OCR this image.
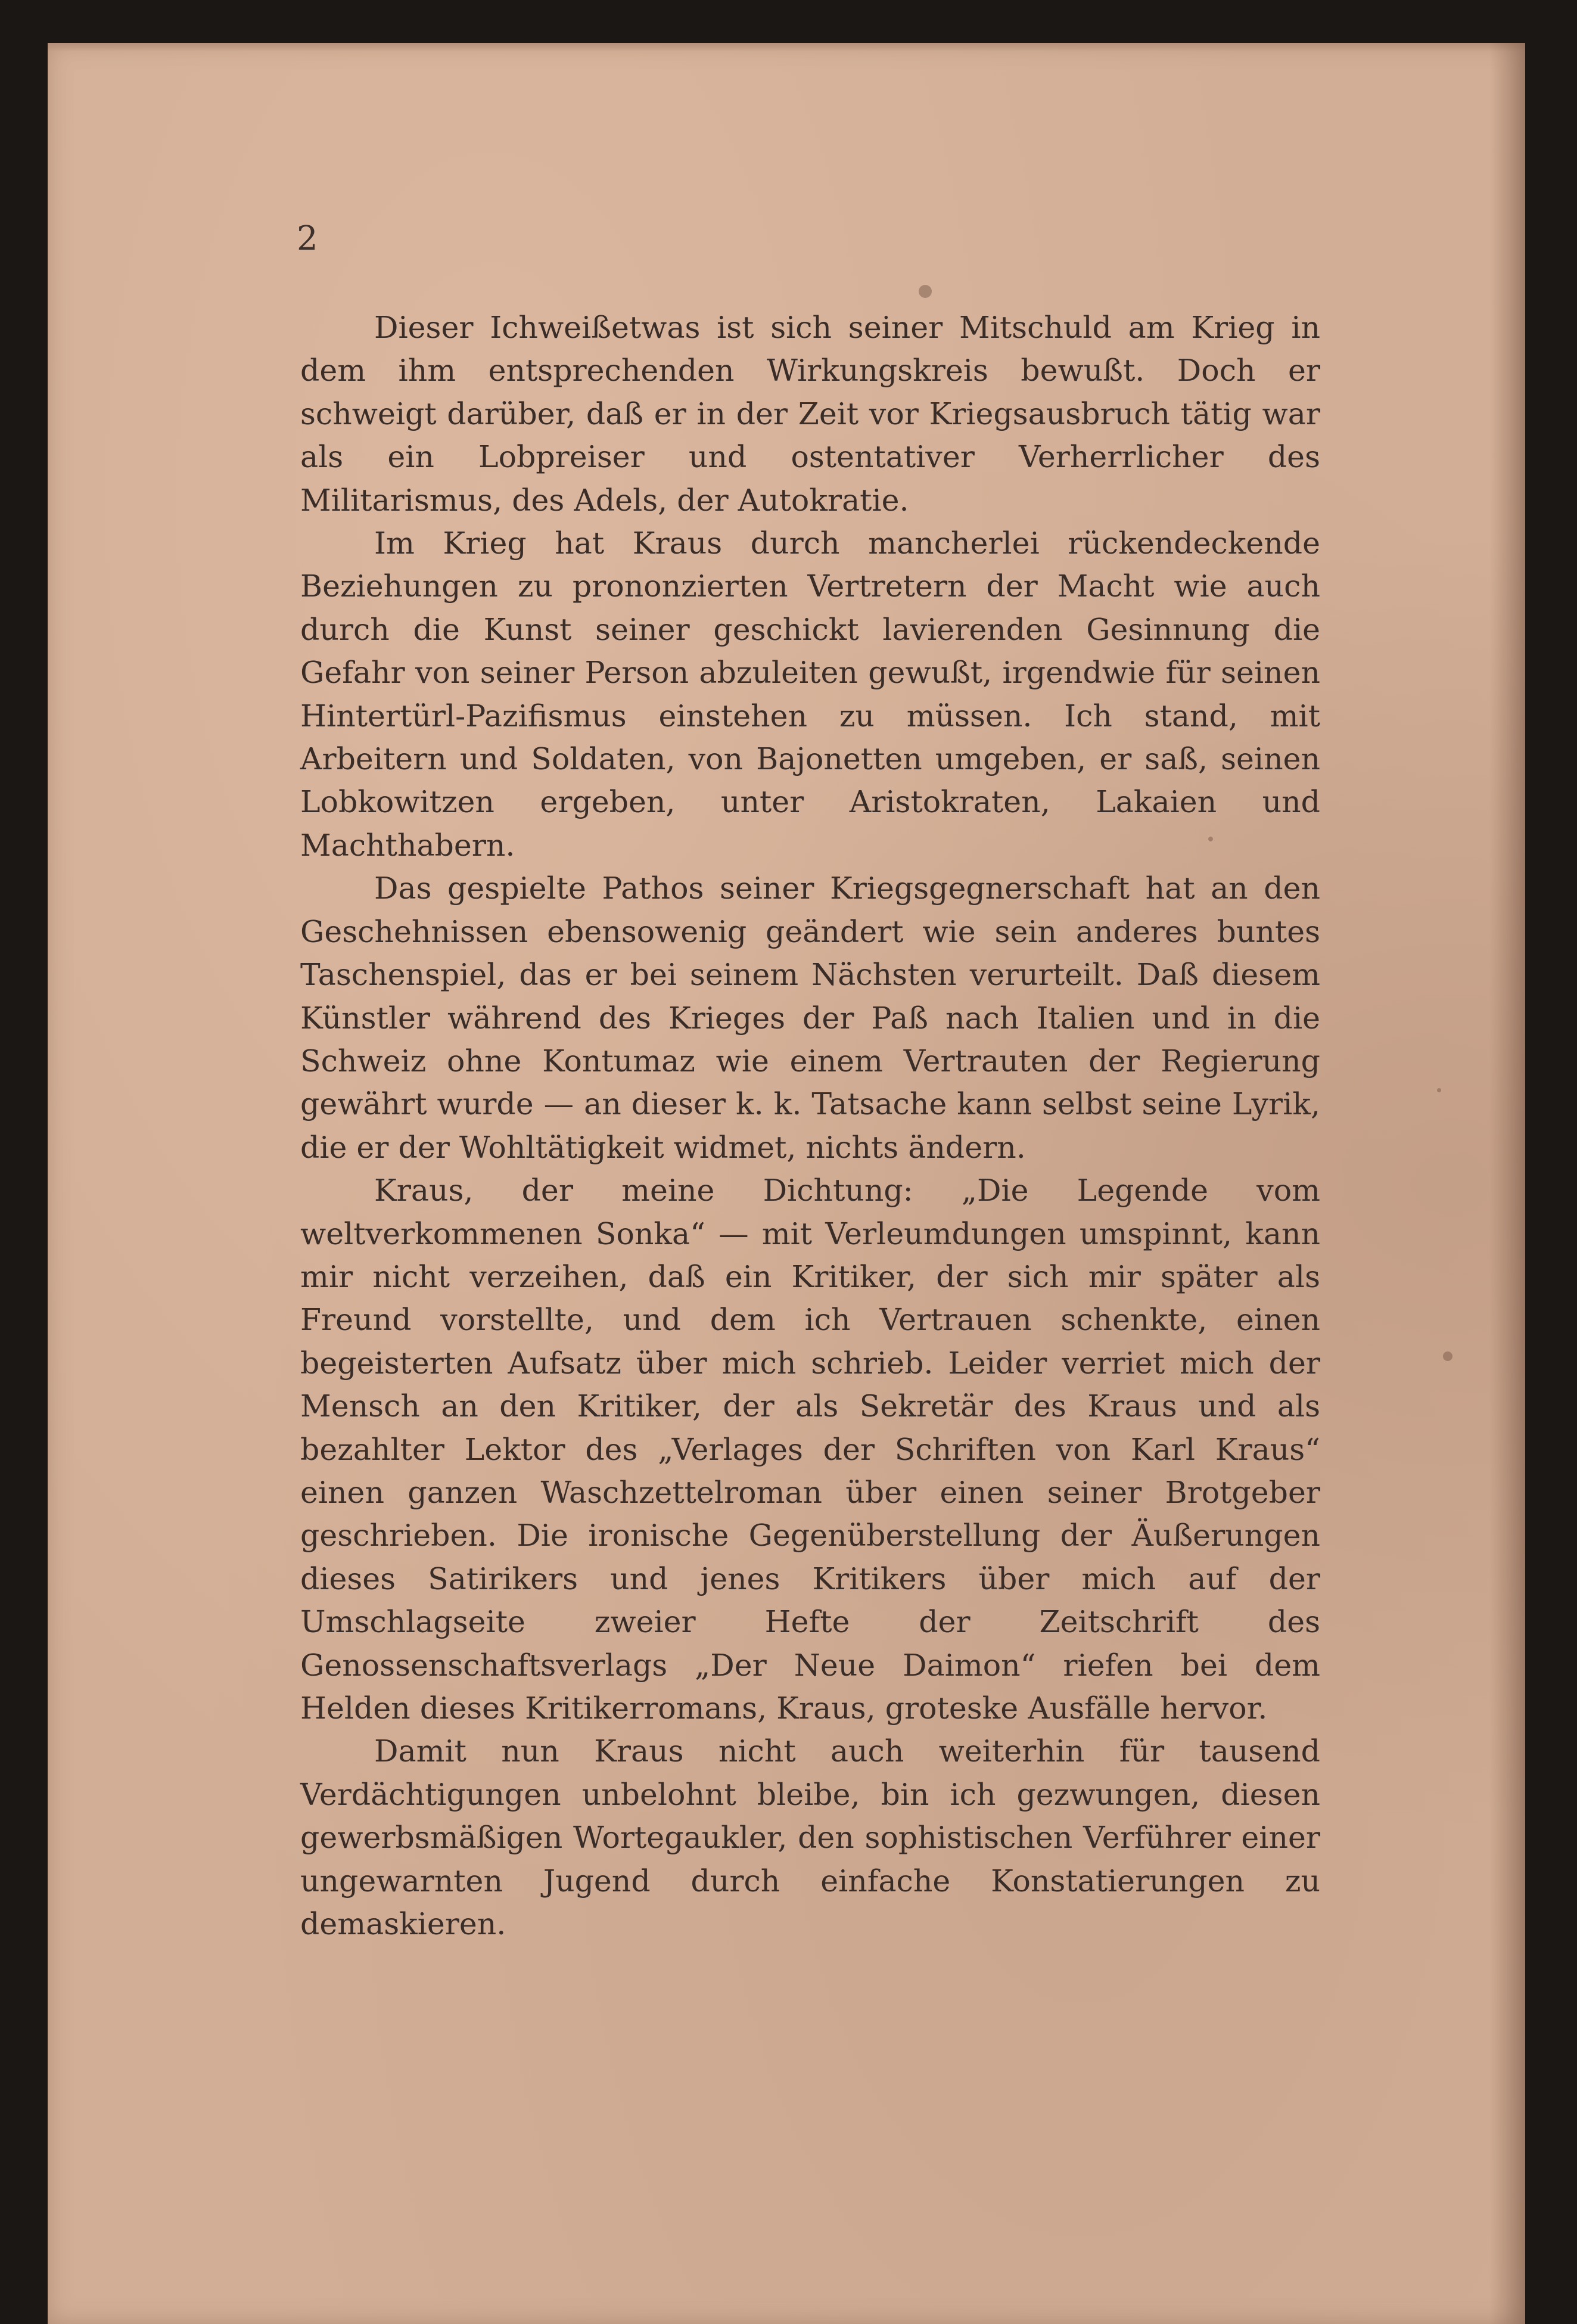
2

Dieser Ichweißetwas ist sich seiner Mitschuld am Krieg in dem ihm entsprechenden Wirkungskreis bewußt. Doch er schweigt darüber, daß er in der Zeit vor Kriegsausbruch tätig war als ein Lobpreiser und ostentativer Verherrlicher des Militarismus, des Adels, der Autokratie.

Im Krieg hat Kraus durch mancherlei rückendeckende Beziehungen zu prononzierten Vertretern der Macht wie auch durch die Kunst seiner geschickt lavierenden Gesinnung die Gefahr von seiner Person abzuleiten gewußt, irgendwie für seinen Hintertürl-Pazifismus einstehen zu müssen. Ich stand, mit Arbeitern und Soldaten, von Bajonetten umgeben, er saß, seinen Lobkowitzen ergeben, unter Aristokraten, Lakaien und Machthabern.

Das gespielte Pathos seiner Kriegsgegnerschaft hat an den Geschehnissen ebensowenig geändert wie sein anderes buntes Taschenspiel, das er bei seinem Nächsten verurteilt. Daß diesem Künstler während des Krieges der Paß nach Italien und in die Schweiz ohne Kontumaz wie einem Vertrauten der Regierung gewährt wurde — an dieser k. k. Tatsache kann selbst seine Lyrik, die er der Wohltätigkeit widmet, nichts ändern.

Kraus, der meine Dichtung: „Die Legende vom weltverkommenen Sonka“ — mit Verleumdungen umspinnt, kann mir nicht verzeihen, daß ein Kritiker, der sich mir später als Freund vorstellte, und dem ich Vertrauen schenkte, einen begeisterten Aufsatz über mich schrieb. Leider verriet mich der Mensch an den Kritiker, der als Sekretär des Kraus und als bezahlter Lektor des „Verlages der Schriften von Karl Kraus“ einen ganzen Waschzettelroman über einen seiner Brotgeber geschrieben. Die ironische Gegenüberstellung der Äußerungen dieses Satirikers und jenes Kritikers über mich auf der Umschlagseite zweier Hefte der Zeitschrift des Genossenschaftsverlags „Der Neue Daimon“ riefen bei dem Helden dieses Kritikerromans, Kraus, groteske Ausfälle hervor.

Damit nun Kraus nicht auch weiterhin für tausend Verdächtigungen unbelohnt bleibe, bin ich gezwungen, diesen gewerbsmäßigen Wortegaukler, den sophistischen Verführer einer ungewarnten Jugend durch einfache Konstatierungen zu demaskieren.
